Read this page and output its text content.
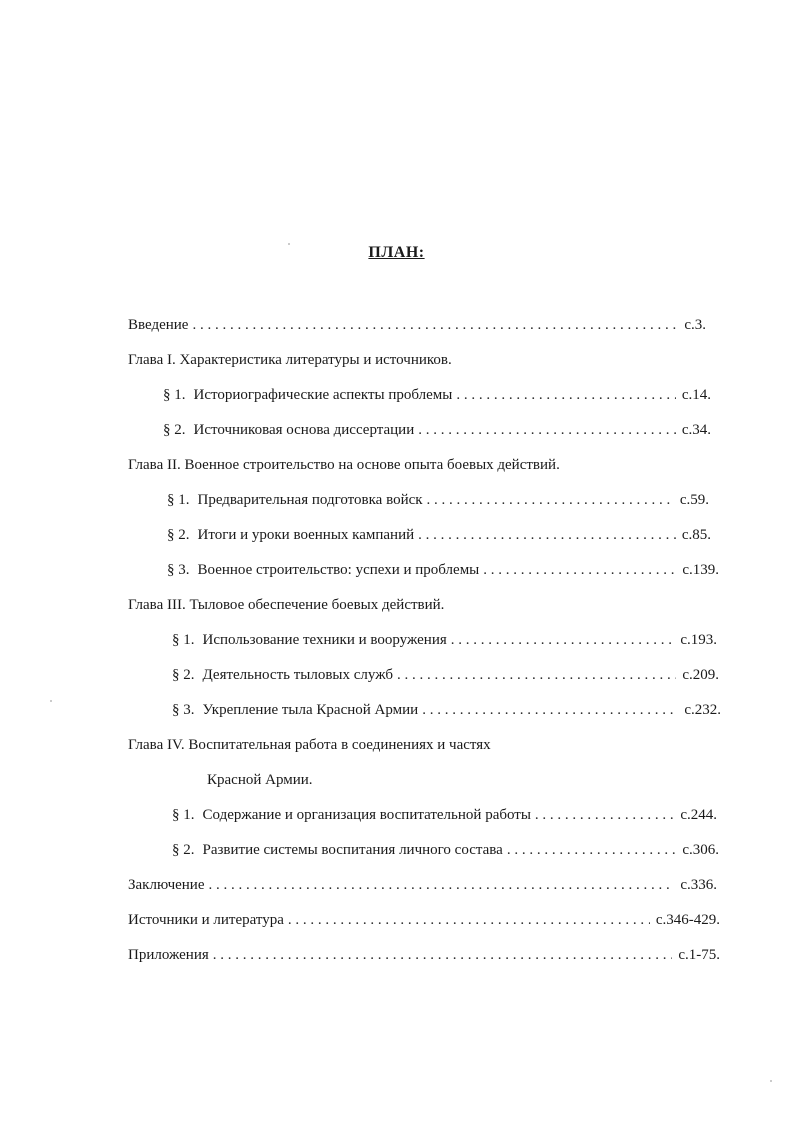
ПЛАН:
Введение . . .	с.3.
Глава I. Характеристика литературы и источников.
§ 1. Историографические аспекты проблемы . . .	с.14.
§ 2. Источниковая основа диссертации . . .	с.34.
Глава II. Военное строительство на основе опыта боевых действий.
§ 1. Предварительная подготовка войск . . .	с.59.
§ 2. Итоги и уроки военных кампаний . . .	с.85.
§ 3. Военное строительство: успехи и проблемы . . .	с.139.
Глава III. Тыловое обеспечение боевых действий.
§ 1. Использование техники и вооружения . . .	с.193.
§ 2. Деятельность тыловых служб . . .	с.209.
§ 3. Укрепление тыла Красной Армии . . .	с.232.
Глава IV. Воспитательная работа в соединениях и частях
Красной Армии.
§ 1. Содержание и организация воспитательной работы . . .	с.244.
§ 2. Развитие системы воспитания личного состава . . .	с.306.
Заключение . . .	с.336.
Источники и литература . . .	с.346-429.
Приложения . . .	с.1-75.
